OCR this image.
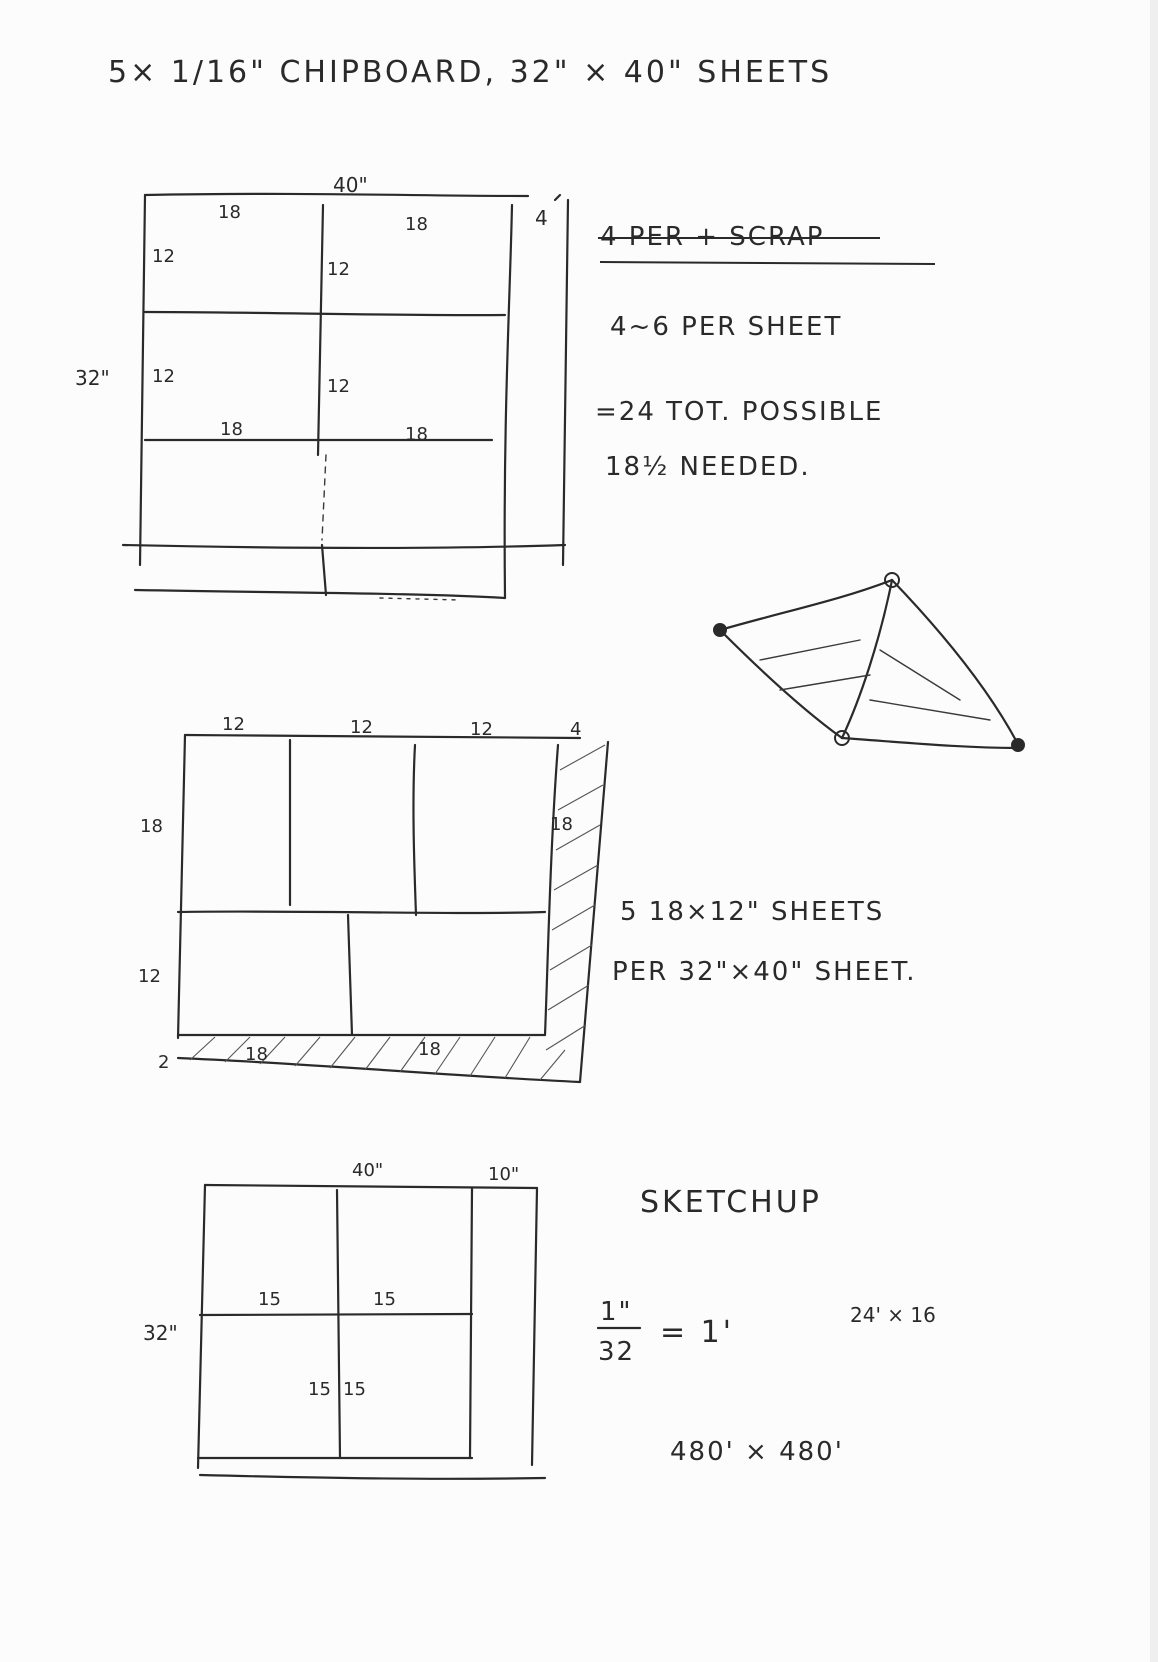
5× 1/16" CHIPBOARD, 32" × 40" SHEETS
40"
32"
4
18
18
12
12
12	12
18	18
4 PER + SCRAP
4~6 PER SHEET
=24 TOT. POSSIBLE
18½ NEEDED.
12	12	12	4
18
12
18
2	18	18
5 18×12" SHEETS
PER 32"×40" SHEET.
40"	10"
32"
15	15
15 15
SKETCHUP
1"
32
= 1'	24' × 16
480' × 480'
